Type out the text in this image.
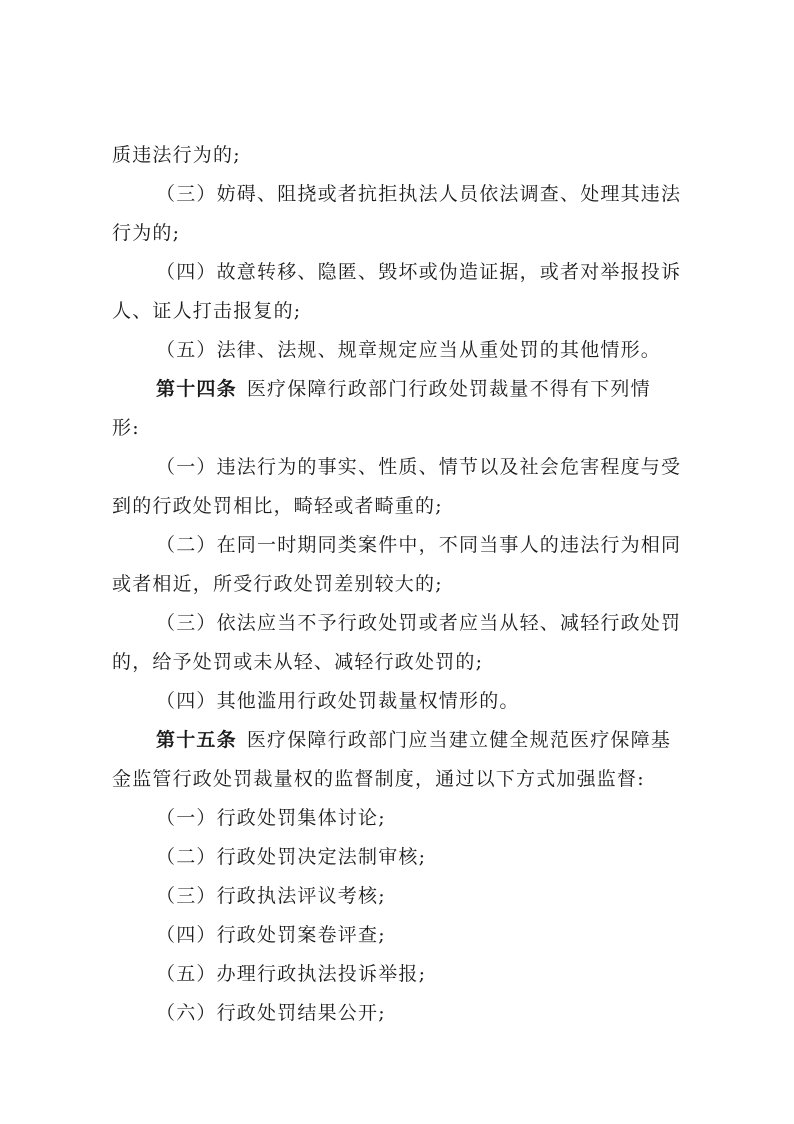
质违法行为的;
（三）妨碍、阻挠或者抗拒执法人员依法调查、处理其违法
行为的;
（四）故意转移、隐匿、毁坏或伪造证据，或者对举报投诉
人、证人打击报复的;
（五）法律、法规、规章规定应当从重处罚的其他情形。
第十四条 医疗保障行政部门行政处罚裁量不得有下列情
形:
（一）违法行为的事实、性质、情节以及社会危害程度与受
到的行政处罚相比，畸轻或者畸重的;
（二）在同一时期同类案件中，不同当事人的违法行为相同
或者相近，所受行政处罚差别较大的;
（三）依法应当不予行政处罚或者应当从轻、减轻行政处罚
的，给予处罚或未从轻、减轻行政处罚的;
（四）其他滥用行政处罚裁量权情形的。
第十五条 医疗保障行政部门应当建立健全规范医疗保障基
金监管行政处罚裁量权的监督制度，通过以下方式加强监督:
（一）行政处罚集体讨论;
（二）行政处罚决定法制审核;
（三）行政执法评议考核;
（四）行政处罚案卷评查;
（五）办理行政执法投诉举报;
（六）行政处罚结果公开;
